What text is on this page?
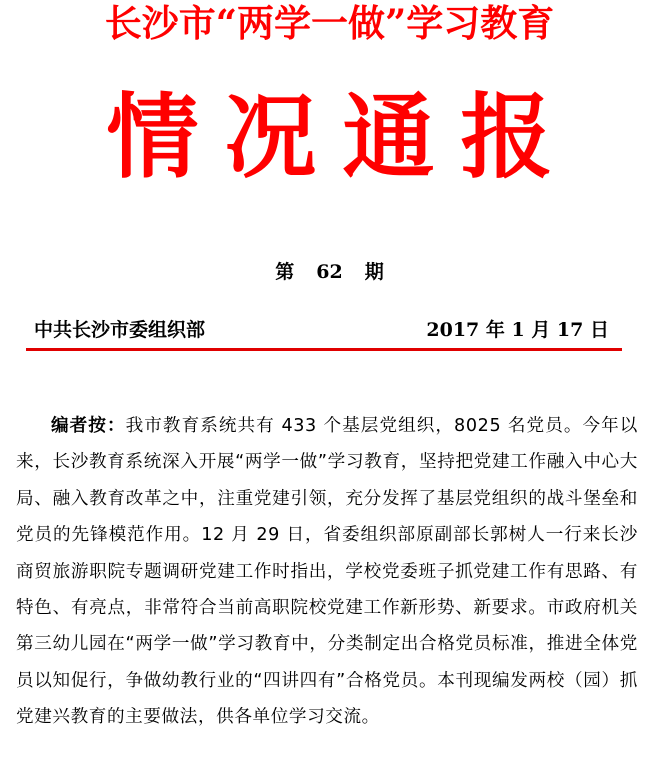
长沙市“两学一做”学习教育
情况通报
第 62 期
中共长沙市委组织部	2017 年 1 月 17 日

编者按：我市教育系统共有 433 个基层党组织，8025 名党员。今年以来，长沙教育系统深入开展“两学一做”学习教育，坚持把党建工作融入中心大局、融入教育改革之中，注重党建引领，充分发挥了基层党组织的战斗堡垒和党员的先锋模范作用。12 月 29 日，省委组织部原副部长郭树人一行来长沙商贸旅游职院专题调研党建工作时指出，学校党委班子抓党建工作有思路、有特色、有亮点，非常符合当前高职院校党建工作新形势、新要求。市政府机关第三幼儿园在“两学一做”学习教育中，分类制定出合格党员标准，推进全体党员以知促行，争做幼教行业的“四讲四有”合格党员。本刊现编发两校（园）抓党建兴教育的主要做法，供各单位学习交流。
